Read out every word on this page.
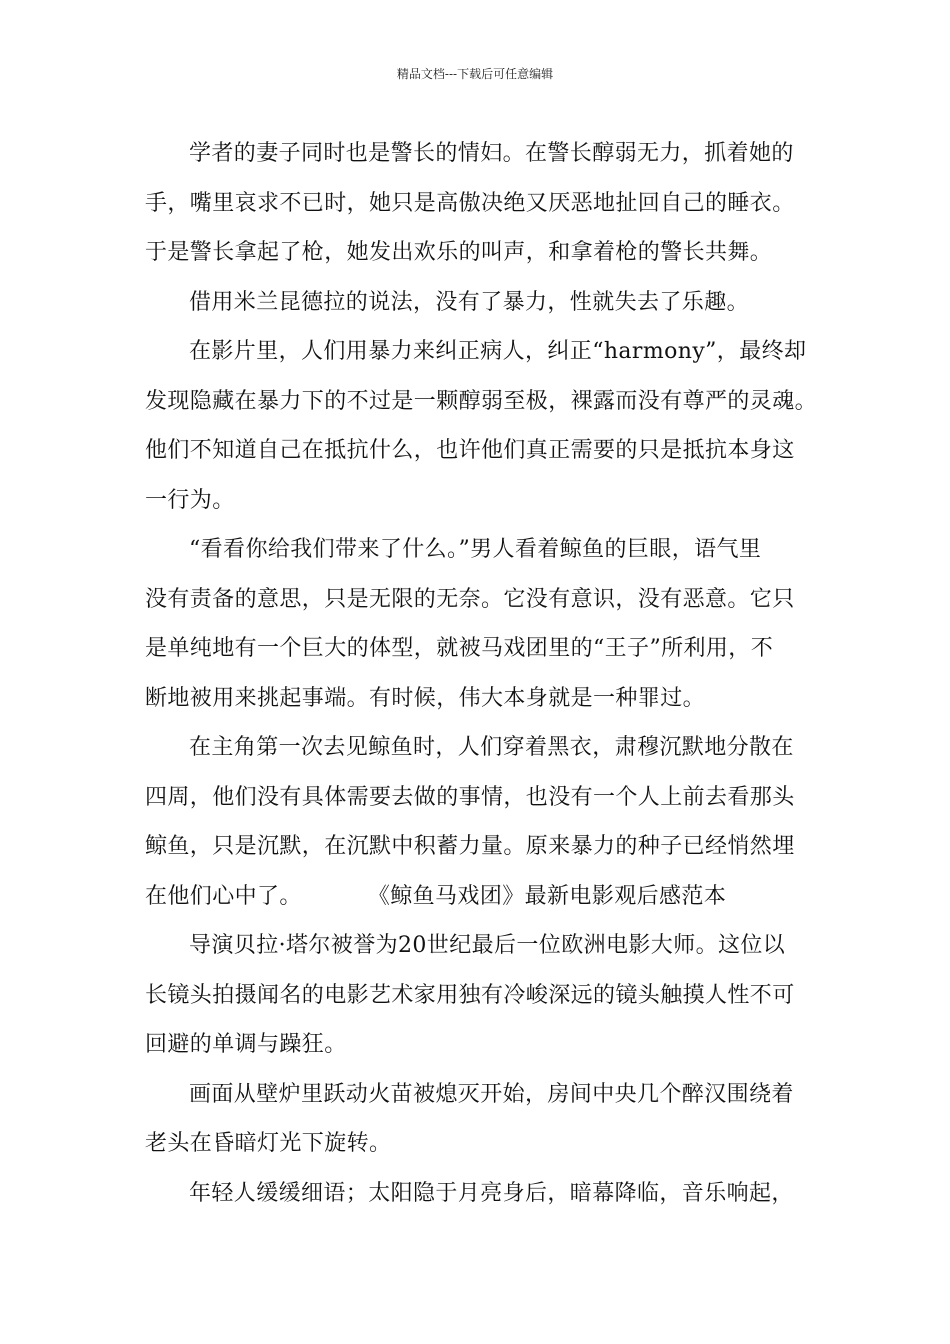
精品文档---下载后可任意编辑

学者的妻子同时也是警长的情妇。在警长醇弱无力，抓着她的
手，嘴里哀求不已时，她只是高傲决绝又厌恶地扯回自己的睡衣。
于是警长拿起了枪，她发出欢乐的叫声，和拿着枪的警长共舞。

借用米兰昆德拉的说法，没有了暴力，性就失去了乐趣。

在影片里，人们用暴力来纠正病人，纠正“harmony”，最终却
发现隐藏在暴力下的不过是一颗醇弱至极，裸露而没有尊严的灵魂。
他们不知道自己在抵抗什么，也许他们真正需要的只是抵抗本身这
一行为。

“看看你给我们带来了什么。”男人看着鲸鱼的巨眼，语气里
没有责备的意思，只是无限的无奈。它没有意识，没有恶意。它只
是单纯地有一个巨大的体型，就被马戏团里的“王子”所利用，不
断地被用来挑起事端。有时候，伟大本身就是一种罪过。

在主角第一次去见鲸鱼时，人们穿着黑衣，肃穆沉默地分散在
四周，他们没有具体需要去做的事情，也没有一个人上前去看那头
鲸鱼，只是沉默，在沉默中积蓄力量。原来暴力的种子已经悄然埋
在他们心中了。	《鲸鱼马戏团》最新电影观后感范本

导演贝拉·塔尔被誉为20世纪最后一位欧洲电影大师。这位以
长镜头拍摄闻名的电影艺术家用独有冷峻深远的镜头触摸人性不可
回避的单调与躁狂。

画面从壁炉里跃动火苗被熄灭开始，房间中央几个醉汉围绕着
老头在昏暗灯光下旋转。

年轻人缓缓细语；太阳隐于月亮身后，暗幕降临，音乐响起，
